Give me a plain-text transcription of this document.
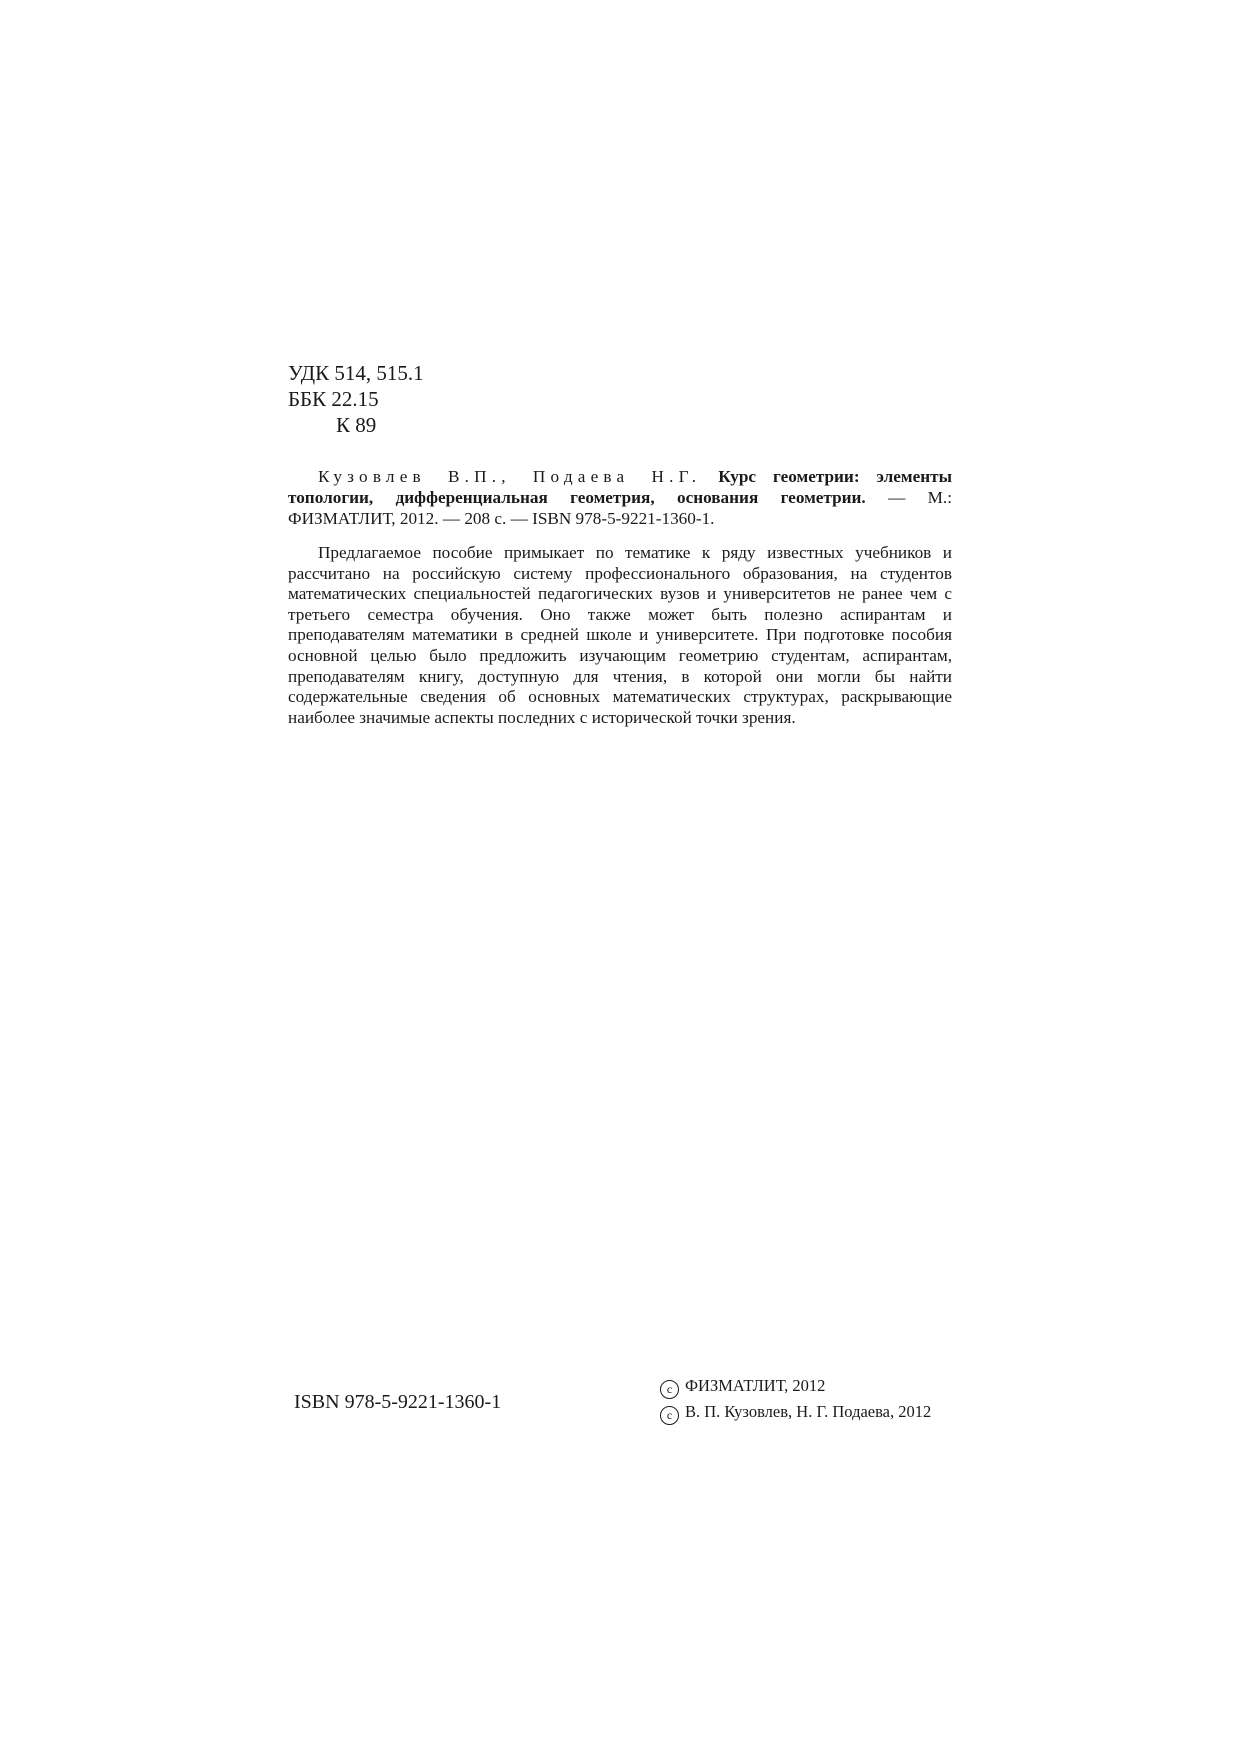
УДК 514, 515.1
ББК 22.15
К 89

Кузовлев В.П., Подаева Н.Г. Курс геометрии: элементы топологии, дифференциальная геометрия, основания геометрии. — М.: ФИЗМАТЛИТ, 2012. — 208 с. — ISBN 978-5-9221-1360-1.

Предлагаемое пособие примыкает по тематике к ряду известных учебников и рассчитано на российскую систему профессионального образования, на студентов математических специальностей педагогических вузов и университетов не ранее чем с третьего семестра обучения. Оно также может быть полезно аспирантам и преподавателям математики в средней школе и университете. При подготовке пособия основной целью было предложить изучающим геометрию студентам, аспирантам, преподавателям книгу, доступную для чтения, в которой они могли бы найти содержательные сведения об основных математических структурах, раскрывающие наиболее значимые аспекты последних с исторической точки зрения.

ISBN 978-5-9221-1360-1
c ФИЗМАТЛИТ, 2012
c В. П. Кузовлев, Н. Г. Подаева, 2012
